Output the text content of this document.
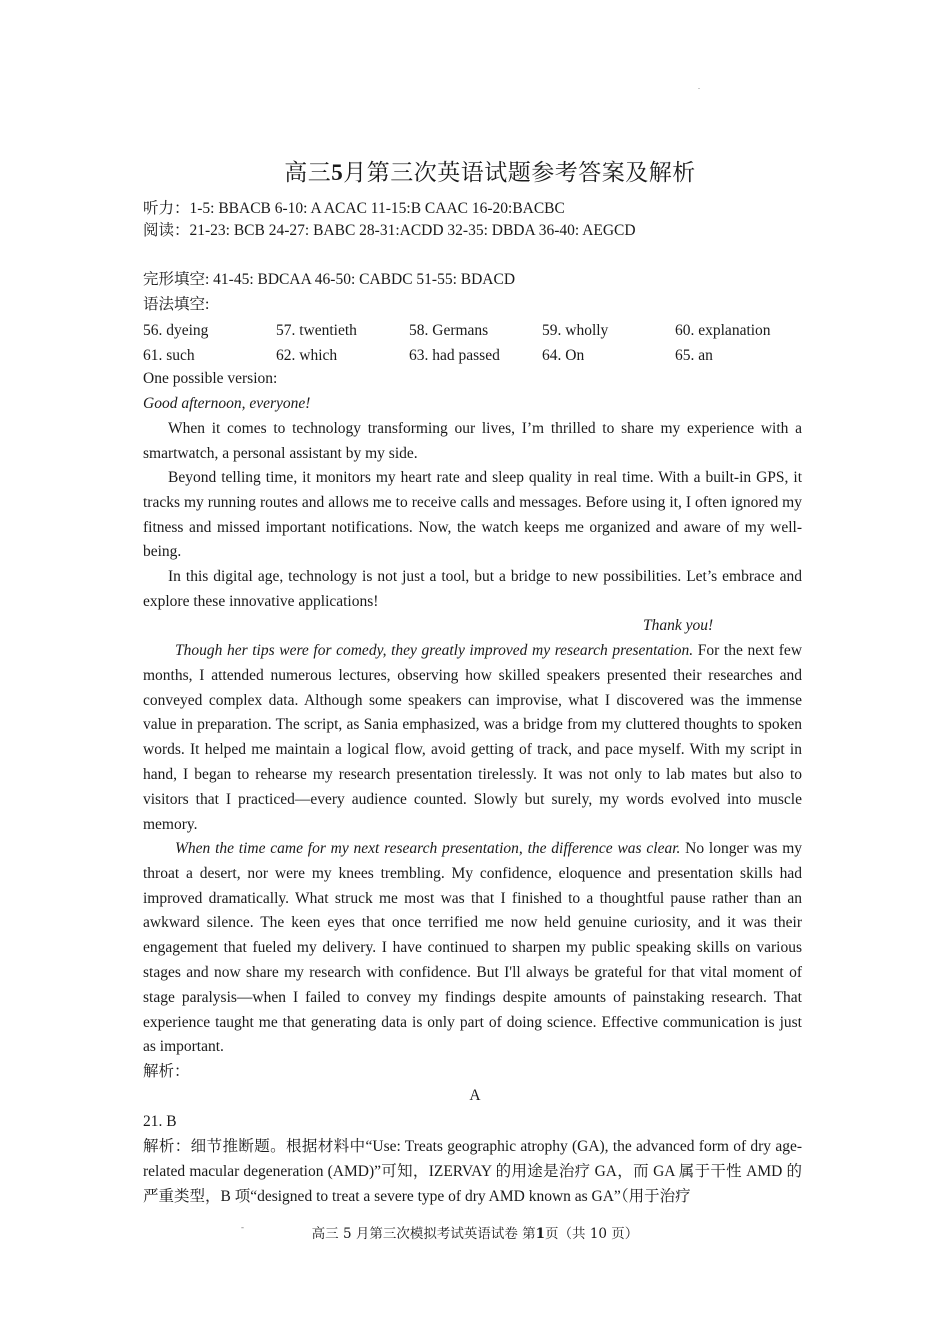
.
高三5月第三次英语试题参考答案及解析
听力：1-5: BBACB 6-10: A ACAC 11-15:B CAAC 16-20:BACBC
阅读：21-23: BCB 24-27: BABC 28-31:ACDD 32-35: DBDA 36-40: AEGCD
完形填空: 41-45: BDCAA 46-50: CABDC 51-55: BDACD
语法填空:
56. dyeing	57. twentieth	58. Germans	59. wholly	60. explanation
61. such	62. which	63. had passed	64. On	65. an
One possible version:
Good afternoon, everyone!
When it comes to technology transforming our lives, I’m thrilled to share my experience with a smartwatch, a personal assistant by my side.
Beyond telling time, it monitors my heart rate and sleep quality in real time. With a built-in GPS, it tracks my running routes and allows me to receive calls and messages. Before using it, I often ignored my fitness and missed important notifications. Now, the watch keeps me organized and aware of my well-being.
In this digital age, technology is not just a tool, but a bridge to new possibilities. Let’s embrace and explore these innovative applications!
Thank you!
Though her tips were for comedy, they greatly improved my research presentation. For the next few months, I attended numerous lectures, observing how skilled speakers presented their researches and conveyed complex data. Although some speakers can improvise, what I discovered was the immense value in preparation. The script, as Sania emphasized, was a bridge from my cluttered thoughts to spoken words. It helped me maintain a logical flow, avoid getting of track, and pace myself. With my script in hand, I began to rehearse my research presentation tirelessly. It was not only to lab mates but also to visitors that I practiced—every audience counted. Slowly but surely, my words evolved into muscle memory.
When the time came for my next research presentation, the difference was clear. No longer was my throat a desert, nor were my knees trembling. My confidence, eloquence and presentation skills had improved dramatically. What struck me most was that I finished to a thoughtful pause rather than an awkward silence. The keen eyes that once terrified me now held genuine curiosity, and it was their engagement that fueled my delivery. I have continued to sharpen my public speaking skills on various stages and now share my research with confidence. But I'll always be grateful for that vital moment of stage paralysis—when I failed to convey my findings despite amounts of painstaking research. That experience taught me that generating data is only part of doing science. Effective communication is just as important.
解析：
A
21. B
解析：细节推断题。根据材料中“Use: Treats geographic atrophy (GA), the advanced form of dry age-related macular degeneration (AMD)”可知，IZERVAY 的用途是治疗 GA，而 GA 属于干性 AMD 的严重类型，B 项“designed to treat a severe type of dry AMD known as GA”（用于治疗
-	高三 5 月第三次模拟考试英语试卷 第1页（共 10 页）
